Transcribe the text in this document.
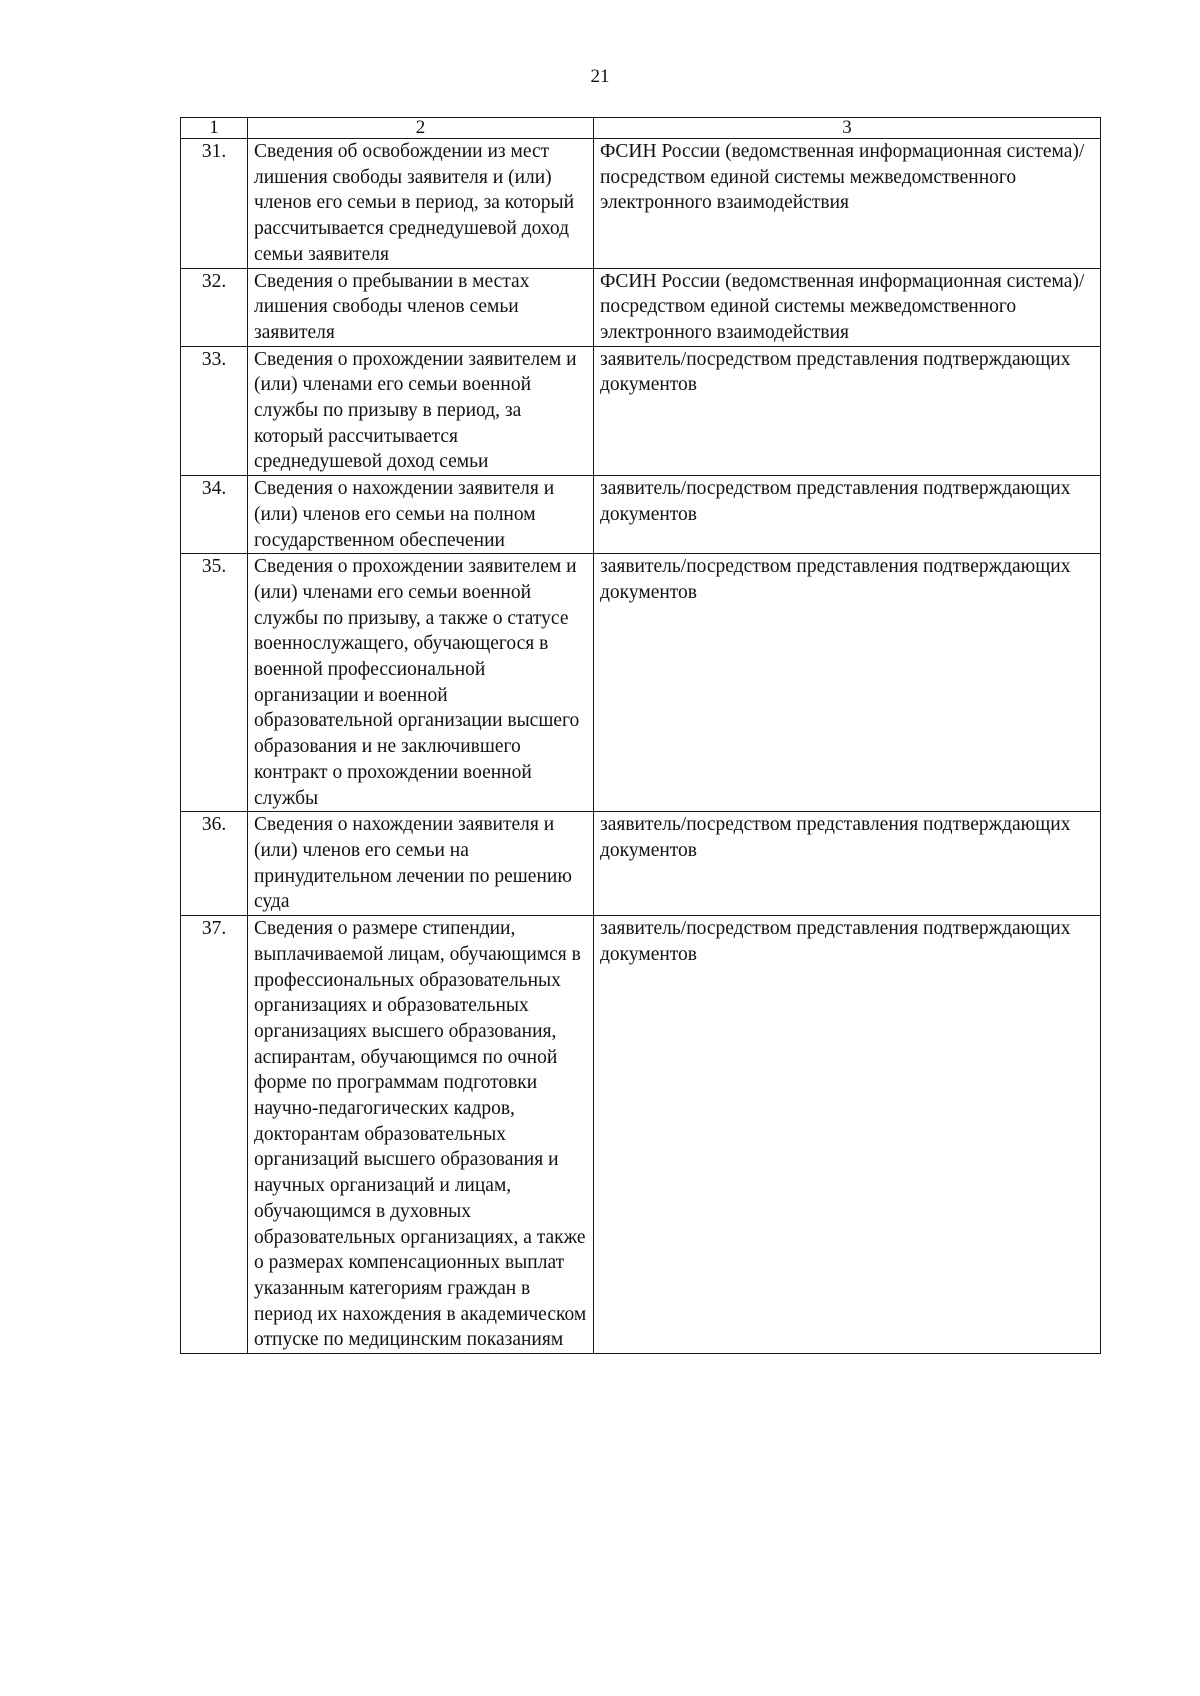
21
1	2	3
31.	Сведения об освобождении из мест лишения свободы заявителя и (или) членов его семьи в период, за который рассчитывается среднедушевой доход семьи заявителя	ФСИН России (ведомственная информационная система)/посредством единой системы межведомственного электронного взаимодействия
32.	Сведения о пребывании в местах лишения свободы членов семьи заявителя	ФСИН России (ведомственная информационная система)/посредством единой системы межведомственного электронного взаимодействия
33.	Сведения о прохождении заявителем и (или) членами его семьи военной службы по призыву в период, за который рассчитывается среднедушевой доход семьи	заявитель/посредством представления подтверждающих документов
34.	Сведения о нахождении заявителя и (или) членов его семьи на полном государственном обеспечении	заявитель/посредством представления подтверждающих документов
35.	Сведения о прохождении заявителем и (или) членами его семьи военной службы по призыву, а также о статусе военнослужащего, обучающегося в военной профессиональной организации и военной образовательной организации высшего образования и не заключившего контракт о прохождении военной службы	заявитель/посредством представления подтверждающих документов
36.	Сведения о нахождении заявителя и (или) членов его семьи на принудительном лечении по решению суда	заявитель/посредством представления подтверждающих документов
37.	Сведения о размере стипендии, выплачиваемой лицам, обучающимся в профессиональных образовательных организациях и образовательных организациях высшего образования, аспирантам, обучающимся по очной форме по программам подготовки научно-педагогических кадров, докторантам образовательных организаций высшего образования и научных организаций и лицам, обучающимся в духовных образовательных организациях, а также о размерах компенсационных выплат указанным категориям граждан в период их нахождения в академическом отпуске по медицинским показаниям	заявитель/посредством представления подтверждающих документов
